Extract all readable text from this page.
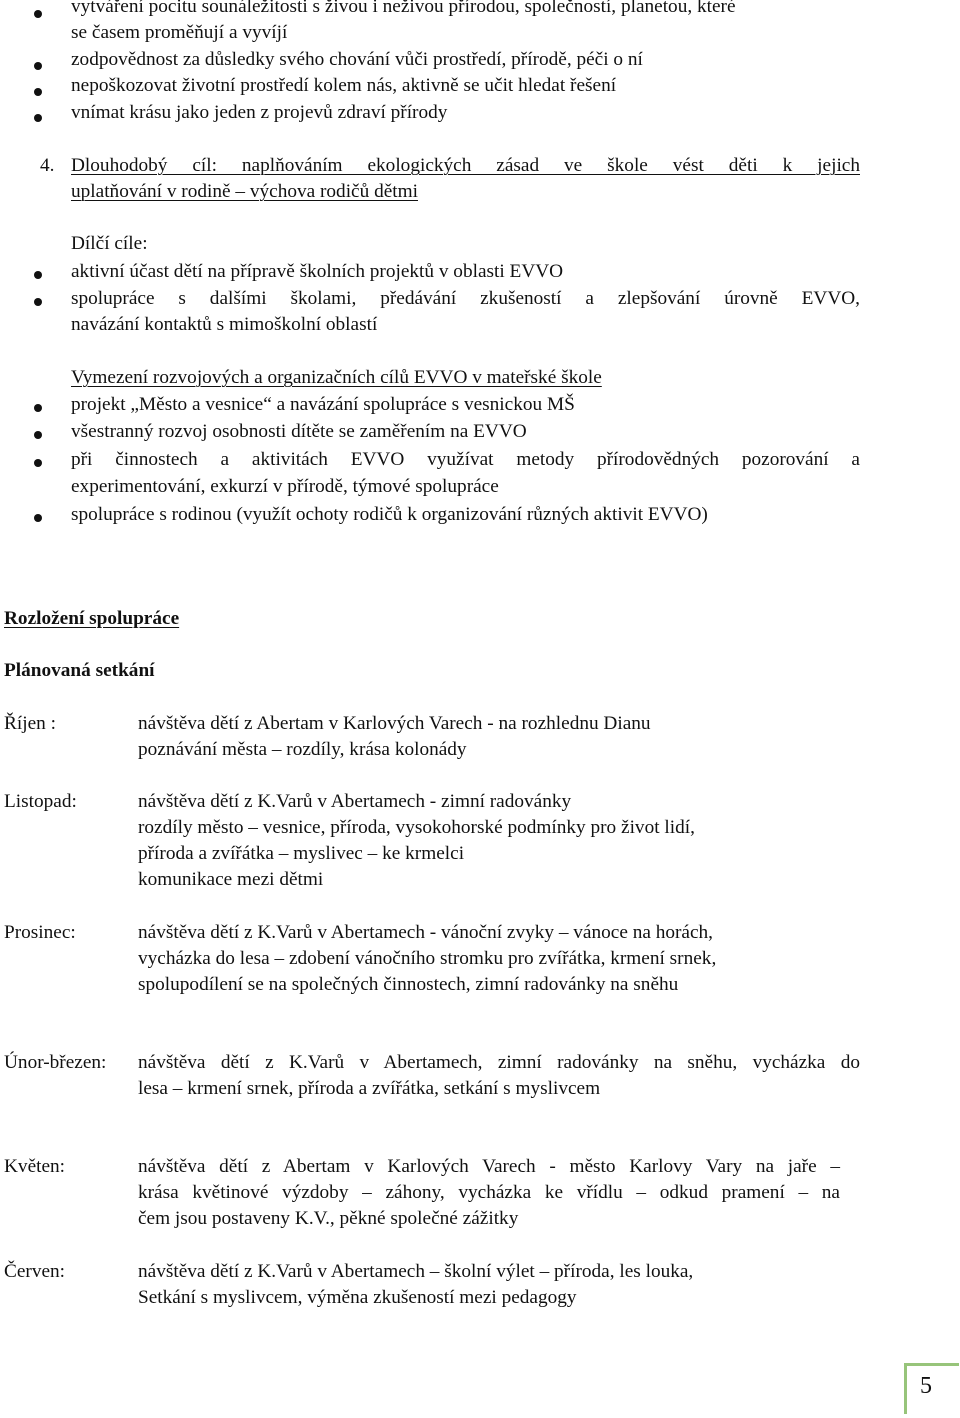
vytváření pocitu sounáležitosti s živou i neživou přírodou, společností, planetou, které
se časem proměňují a vyvíjí
zodpovědnost za důsledky svého chování vůči prostředí, přírodě, péči o ní
nepoškozovat životní prostředí kolem nás, aktivně se učit hledat řešení
vnímat krásu jako jeden z projevů zdraví přírody
4. Dlouhodobý cíl: naplňováním ekologických zásad ve škole vést děti k jejich
uplatňování v rodině – výchova rodičů dětmi
Dílčí cíle:
aktivní účast dětí na přípravě školních projektů v oblasti EVVO
spolupráce s dalšími školami, předávání zkušeností a zlepšování úrovně EVVO,
navázání kontaktů s mimoškolní oblastí
Vymezení rozvojových a organizačních cílů EVVO v mateřské škole
projekt „Město a vesnice“ a navázání spolupráce s vesnickou MŠ
všestranný rozvoj osobnosti dítěte se zaměřením na EVVO
při činnostech a aktivitách EVVO využívat metody přírodovědných pozorování a
experimentování, exkurzí v přírodě, týmové spolupráce
spolupráce s rodinou (využít ochoty rodičů k organizování různých aktivit EVVO)
Rozložení spolupráce
Plánovaná setkání
Říjen :	návštěva dětí z Abertam v Karlových Varech - na rozhlednu Dianu
poznávání města – rozdíly, krása kolonády
Listopad:	návštěva dětí z K.Varů v Abertamech - zimní radovánky
rozdíly město – vesnice, příroda, vysokohorské podmínky pro život lidí,
příroda a zvířátka – myslivec – ke krmelci
komunikace mezi dětmi
Prosinec:	návštěva dětí z K.Varů v Abertamech - vánoční zvyky – vánoce na horách,
vycházka do lesa – zdobení vánočního stromku pro zvířátka, krmení srnek,
spolupodílení se na společných činnostech, zimní radovánky na sněhu
Únor-březen: návštěva dětí z K.Varů v Abertamech, zimní radovánky na sněhu, vycházka do
lesa – krmení srnek, příroda a zvířátka, setkání s myslivcem
Květen:	návštěva dětí z Abertam v Karlových Varech - město Karlovy Vary na jaře –
krása květinové výzdoby – záhony, vycházka ke vřídlu – odkud pramení – na
čem jsou postaveny K.V., pěkné společné zážitky
Červen:	návštěva dětí z K.Varů v Abertamech – školní výlet – příroda, les louka,
Setkání s myslivcem, výměna zkušeností mezi pedagogy
5
